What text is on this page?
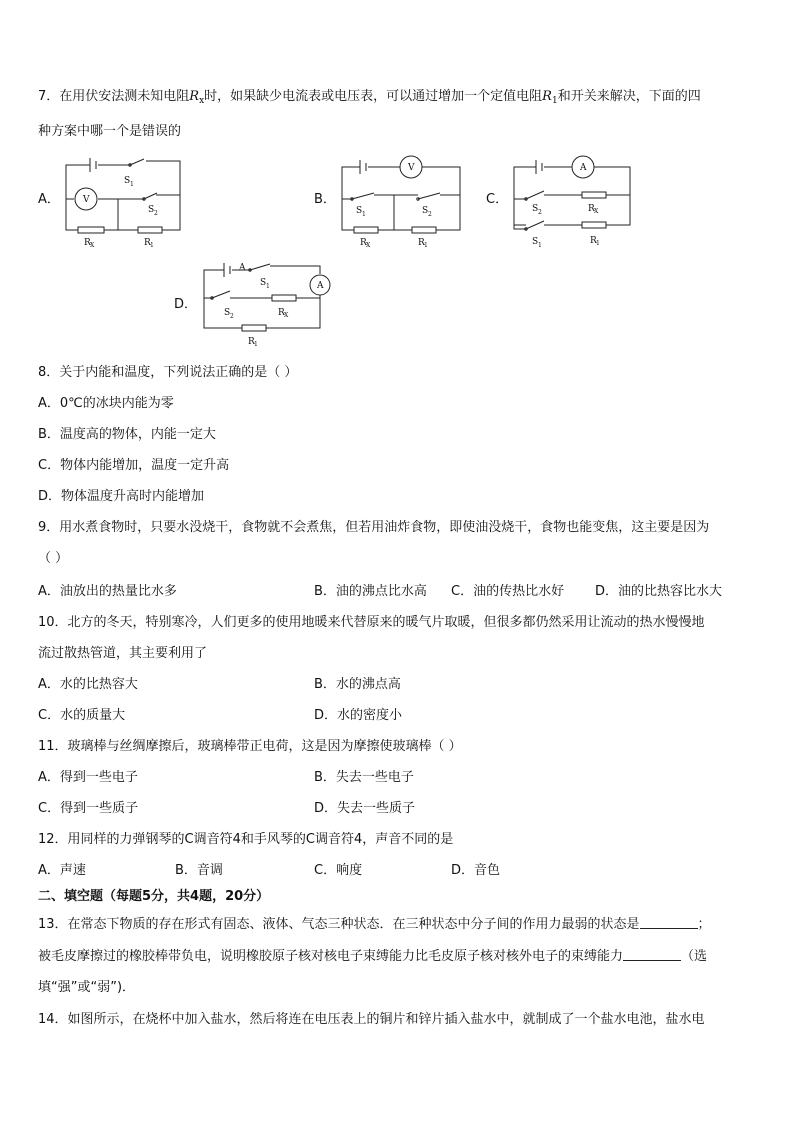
7．在用伏安法测未知电阻$R_x$时，如果缺少电流表或电压表，可以通过增加一个定值电阻$R_1$和开关来解决，下面的四
种方案中哪一个是错误的
A．	B．	C．
D．
V
S 1
S 2
R X	R 1
V
S 1	S 2
R X	R 1
A
S 2	R X
S 1	R 1
A
A
S 1
S 2	R X
R 1
8．关于内能和温度，下列说法正确的是（ ）
A．0℃的冰块内能为零
B．温度高的物体，内能一定大
C．物体内能增加，温度一定升高
D．物体温度升高时内能增加
9．用水煮食物时，只要水没烧干，食物就不会煮焦，但若用油炸食物，即使油没烧干，食物也能变焦，这主要是因为
（ ）
A．油放出的热量比水多	B．油的沸点比水高 C．油的传热比水好 D．油的比热容比水大
10．北方的冬天，特别寒冷，人们更多的使用地暖来代替原来的暖气片取暖，但很多都仍然采用让流动的热水慢慢地
流过散热管道，其主要利用了
A．水的比热容大	B．水的沸点高
C．水的质量大	D．水的密度小
11．玻璃棒与丝绸摩擦后，玻璃棒带正电荷，这是因为摩擦使玻璃棒（ ）
A．得到一些电子	B．失去一些电子
C．得到一些质子	D．失去一些质子
12．用同样的力弹钢琴的C调音符4和手风琴的C调音符4，声音不同的是
A．声速	B．音调	C．响度	D．音色
二、填空题（每题5分，共4题，20分）
13．在常态下物质的存在形式有固态、液体、气态三种状态．在三种状态中分子间的作用力最弱的状态是	；
被毛皮摩擦过的橡胶棒带负电，说明橡胶原子核对核电子束缚能力比毛皮原子核对核外电子的束缚能力	（选
填“强”或“弱”)．
14．如图所示，在烧杯中加入盐水，然后将连在电压表上的铜片和锌片插入盐水中，就制成了一个盐水电池，盐水电
